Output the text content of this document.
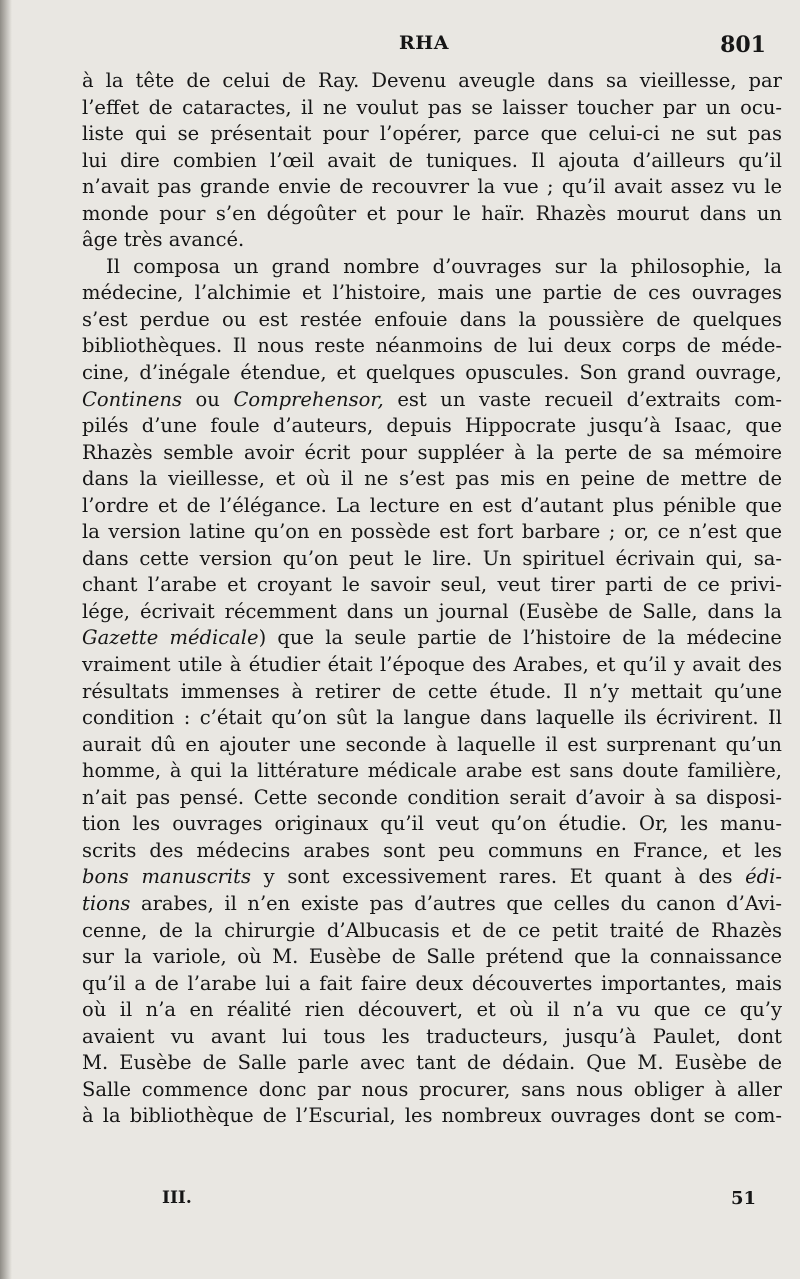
RHA	801
à la tête de celui de Ray. Devenu aveugle dans sa vieillesse, par
l’effet de cataractes, il ne voulut pas se laisser toucher par un ocu-
liste qui se présentait pour l’opérer, parce que celui-ci ne sut pas
lui dire combien l’œil avait de tuniques. Il ajouta d’ailleurs qu’il
n’avait pas grande envie de recouvrer la vue ; qu’il avait assez vu le
monde pour s’en dégoûter et pour le haïr. Rhazès mourut dans un
âge très avancé.
Il composa un grand nombre d’ouvrages sur la philosophie, la
médecine, l’alchimie et l’histoire, mais une partie de ces ouvrages
s’est perdue ou est restée enfouie dans la poussière de quelques
bibliothèques. Il nous reste néanmoins de lui deux corps de méde-
cine, d’inégale étendue, et quelques opuscules. Son grand ouvrage,
Continens ou Comprehensor, est un vaste recueil d’extraits com-
pilés d’une foule d’auteurs, depuis Hippocrate jusqu’à Isaac, que
Rhazès semble avoir écrit pour suppléer à la perte de sa mémoire
dans la vieillesse, et où il ne s’est pas mis en peine de mettre de
l’ordre et de l’élégance. La lecture en est d’autant plus pénible que
la version latine qu’on en possède est fort barbare ; or, ce n’est que
dans cette version qu’on peut le lire. Un spirituel écrivain qui, sa-
chant l’arabe et croyant le savoir seul, veut tirer parti de ce privi-
lége, écrivait récemment dans un journal (Eusèbe de Salle, dans la
Gazette médicale) que la seule partie de l’histoire de la médecine
vraiment utile à étudier était l’époque des Arabes, et qu’il y avait des
résultats immenses à retirer de cette étude. Il n’y mettait qu’une
condition : c’était qu’on sût la langue dans laquelle ils écrivirent. Il
aurait dû en ajouter une seconde à laquelle il est surprenant qu’un
homme, à qui la littérature médicale arabe est sans doute familière,
n’ait pas pensé. Cette seconde condition serait d’avoir à sa disposi-
tion les ouvrages originaux qu’il veut qu’on étudie. Or, les manu-
scrits des médecins arabes sont peu communs en France, et les
bons manuscrits y sont excessivement rares. Et quant à des édi-
tions arabes, il n’en existe pas d’autres que celles du canon d’Avi-
cenne, de la chirurgie d’Albucasis et de ce petit traité de Rhazès
sur la variole, où M. Eusèbe de Salle prétend que la connaissance
qu’il a de l’arabe lui a fait faire deux découvertes importantes, mais
où il n’a en réalité rien découvert, et où il n’a vu que ce qu’y
avaient vu avant lui tous les traducteurs, jusqu’à Paulet, dont
M. Eusèbe de Salle parle avec tant de dédain. Que M. Eusèbe de
Salle commence donc par nous procurer, sans nous obliger à aller
à la bibliothèque de l’Escurial, les nombreux ouvrages dont se com-
III.	51
